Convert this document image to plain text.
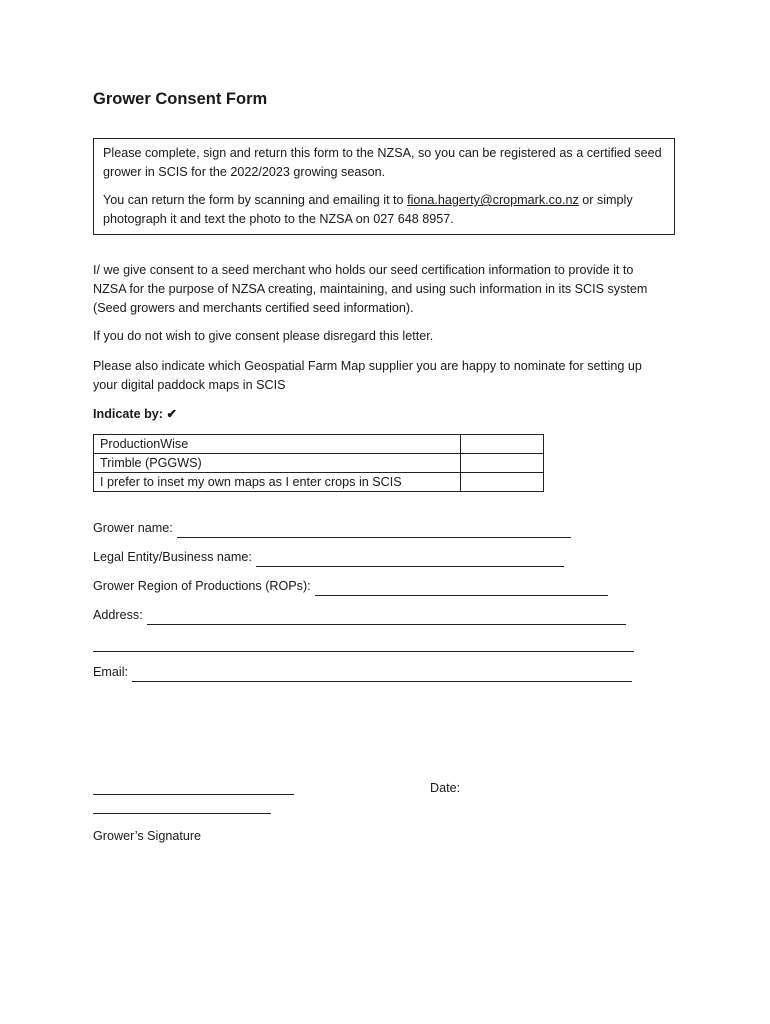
Grower Consent Form

Please complete, sign and return this form to the NZSA, so you can be registered as a certified seed grower in SCIS for the 2022/2023 growing season.

You can return the form by scanning and emailing it to fiona.hagerty@cropmark.co.nz or simply photograph it and text the photo to the NZSA on 027 648 8957.

I/ we give consent to a seed merchant who holds our seed certification information to provide it to NZSA for the purpose of NZSA creating, maintaining, and using such information in its SCIS system (Seed growers and merchants certified seed information).
If you do not wish to give consent please disregard this letter.
Please also indicate which Geospatial Farm Map supplier you are happy to nominate for setting up your digital paddock maps in SCIS
Indicate by: ✔
ProductionWise	
Trimble (PGGWS)	
I prefer to inset my own maps as I enter crops in SCIS	
Grower name:
Legal Entity/Business name:
Grower Region of Productions (ROPs):
Address:
Email:
Date:
Grower’s Signature
